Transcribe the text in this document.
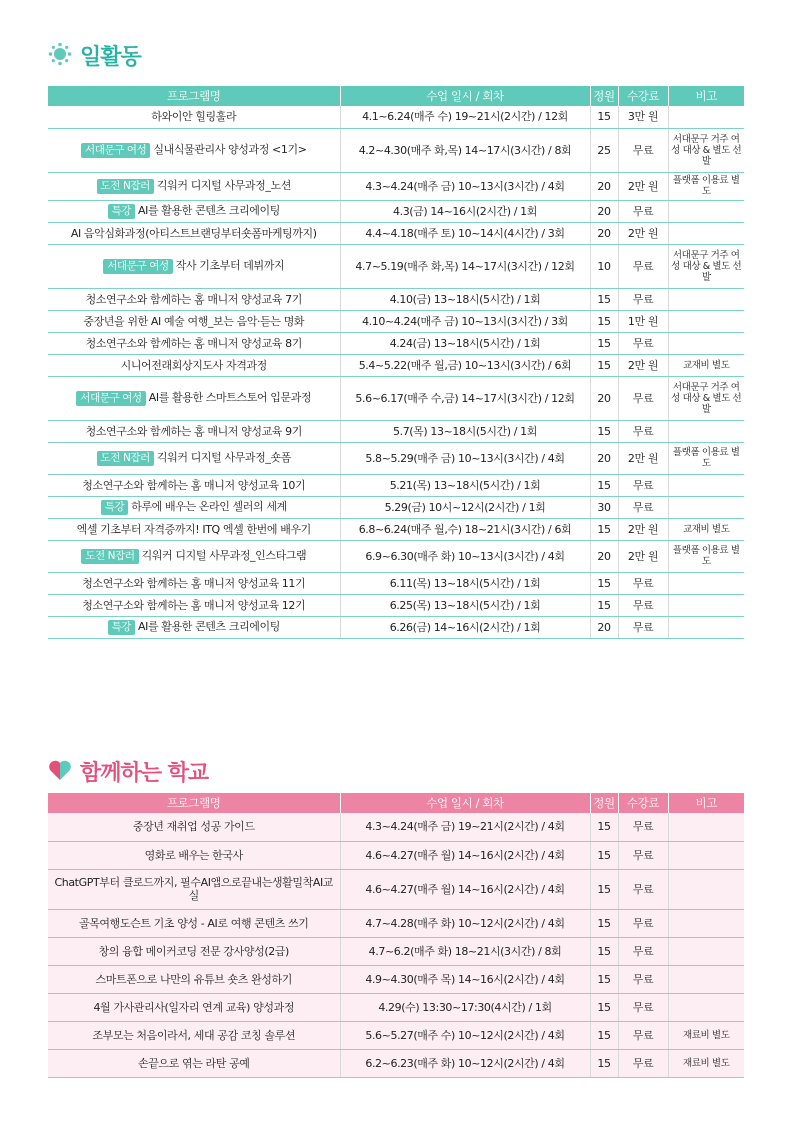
일활동
프로그램명	수업 일시 / 회차	정원	수강료	비고
하와이안 힐링훌라	4.1~6.24(매주 수) 19~21시(2시간) / 12회	15	3만 원	
서대문구 여성 실내식물관리사 양성과정 <1기>	4.2~4.30(매주 화,목) 14~17시(3시간) / 8회	25	무료	서대문구 거주 여성 대상 & 별도 선발
도전 N잡러 긱워커 디지털 사무과정_노션	4.3~4.24(매주 금) 10~13시(3시간) / 4회	20	2만 원	플랫폼 이용료 별도
특강 AI를 활용한 콘텐츠 크리에이팅	4.3(금) 14~16시(2시간) / 1회	20	무료	
AI 음악심화과정(아티스트브랜딩부터숏폼마케팅까지)	4.4~4.18(매주 토) 10~14시(4시간) / 3회	20	2만 원	
서대문구 여성 작사 기초부터 데뷔까지	4.7~5.19(매주 화,목) 14~17시(3시간) / 12회	10	무료	서대문구 거주 여성 대상 & 별도 선발
청소연구소와 함께하는 홈 매니저 양성교육 7기	4.10(금) 13~18시(5시간) / 1회	15	무료	
중장년을 위한 AI 예술 여행_보는 음악·듣는 명화	4.10~4.24(매주 금) 10~13시(3시간) / 3회	15	1만 원	
청소연구소와 함께하는 홈 매니저 양성교육 8기	4.24(금) 13~18시(5시간) / 1회	15	무료	
시니어전래회상지도사 자격과정	5.4~5.22(매주 월,금) 10~13시(3시간) / 6회	15	2만 원	교재비 별도
서대문구 여성 AI를 활용한 스마트스토어 입문과정	5.6~6.17(매주 수,금) 14~17시(3시간) / 12회	20	무료	서대문구 거주 여성 대상 & 별도 선발
청소연구소와 함께하는 홈 매니저 양성교육 9기	5.7(목) 13~18시(5시간) / 1회	15	무료	
도전 N잡러 긱워커 디지털 사무과정_숏폼	5.8~5.29(매주 금) 10~13시(3시간) / 4회	20	2만 원	플랫폼 이용료 별도
청소연구소와 함께하는 홈 매니저 양성교육 10기	5.21(목) 13~18시(5시간) / 1회	15	무료	
특강 하루에 배우는 온라인 셀러의 세계	5.29(금) 10시~12시(2시간) / 1회	30	무료	
엑셀 기초부터 자격증까지! ITQ 엑셀 한번에 배우기	6.8~6.24(매주 월,수) 18~21시(3시간) / 6회	15	2만 원	교재비 별도
도전 N잡러 긱워커 디지털 사무과정_인스타그램	6.9~6.30(매주 화) 10~13시(3시간) / 4회	20	2만 원	플랫폼 이용료 별도
청소연구소와 함께하는 홈 매니저 양성교육 11기	6.11(목) 13~18시(5시간) / 1회	15	무료	
청소연구소와 함께하는 홈 매니저 양성교육 12기	6.25(목) 13~18시(5시간) / 1회	15	무료	
특강 AI를 활용한 콘텐츠 크리에이팅	6.26(금) 14~16시(2시간) / 1회	20	무료	
함께하는 학교
프로그램명	수업 일시 / 회차	정원	수강료	비고
중장년 재취업 성공 가이드	4.3~4.24(매주 금) 19~21시(2시간) / 4회	15	무료	
영화로 배우는 한국사	4.6~4.27(매주 월) 14~16시(2시간) / 4회	15	무료	
ChatGPT부터 클로드까지, 필수AI앱으로끝내는생활밀착AI교실	4.6~4.27(매주 월) 14~16시(2시간) / 4회	15	무료	
골목여행도슨트 기초 양성 - AI로 여행 콘텐츠 쓰기	4.7~4.28(매주 화) 10~12시(2시간) / 4회	15	무료	
창의 융합 메이커코딩 전문 강사양성(2급)	4.7~6.2(매주 화) 18~21시(3시간) / 8회	15	무료	
스마트폰으로 나만의 유튜브 숏츠 완성하기	4.9~4.30(매주 목) 14~16시(2시간) / 4회	15	무료	
4월 가사관리사(일자리 연계 교육) 양성과정	4.29(수) 13:30~17:30(4시간) / 1회	15	무료	
조부모는 처음이라서, 세대 공감 코칭 솔루션	5.6~5.27(매주 수) 10~12시(2시간) / 4회	15	무료	재료비 별도
손끝으로 엮는 라탄 공예	6.2~6.23(매주 화) 10~12시(2시간) / 4회	15	무료	재료비 별도
